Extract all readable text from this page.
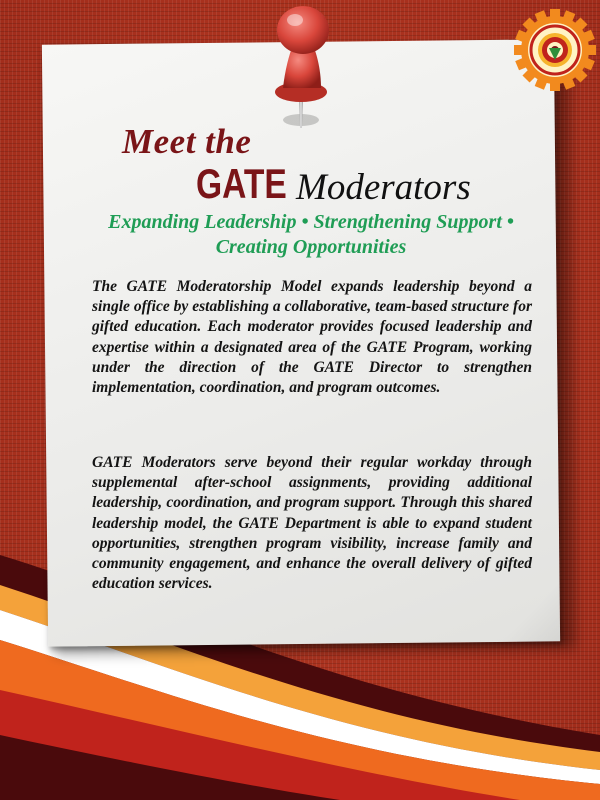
Meet the
GATE Moderators
Expanding Leadership • Strengthening Support • Creating Opportunities

The GATE Moderatorship Model expands leadership beyond a single office by establishing a collaborative, team-based structure for gifted education. Each moderator provides focused leadership and expertise within a designated area of the GATE Program, working under the direction of the GATE Director to strengthen implementation, coordination, and program outcomes.

GATE Moderators serve beyond their regular workday through supplemental after-school assignments, providing additional leadership, coordination, and program support. Through this shared leadership model, the GATE Department is able to expand student opportunities, strengthen program visibility, increase family and community engagement, and enhance the overall delivery of gifted education services.
